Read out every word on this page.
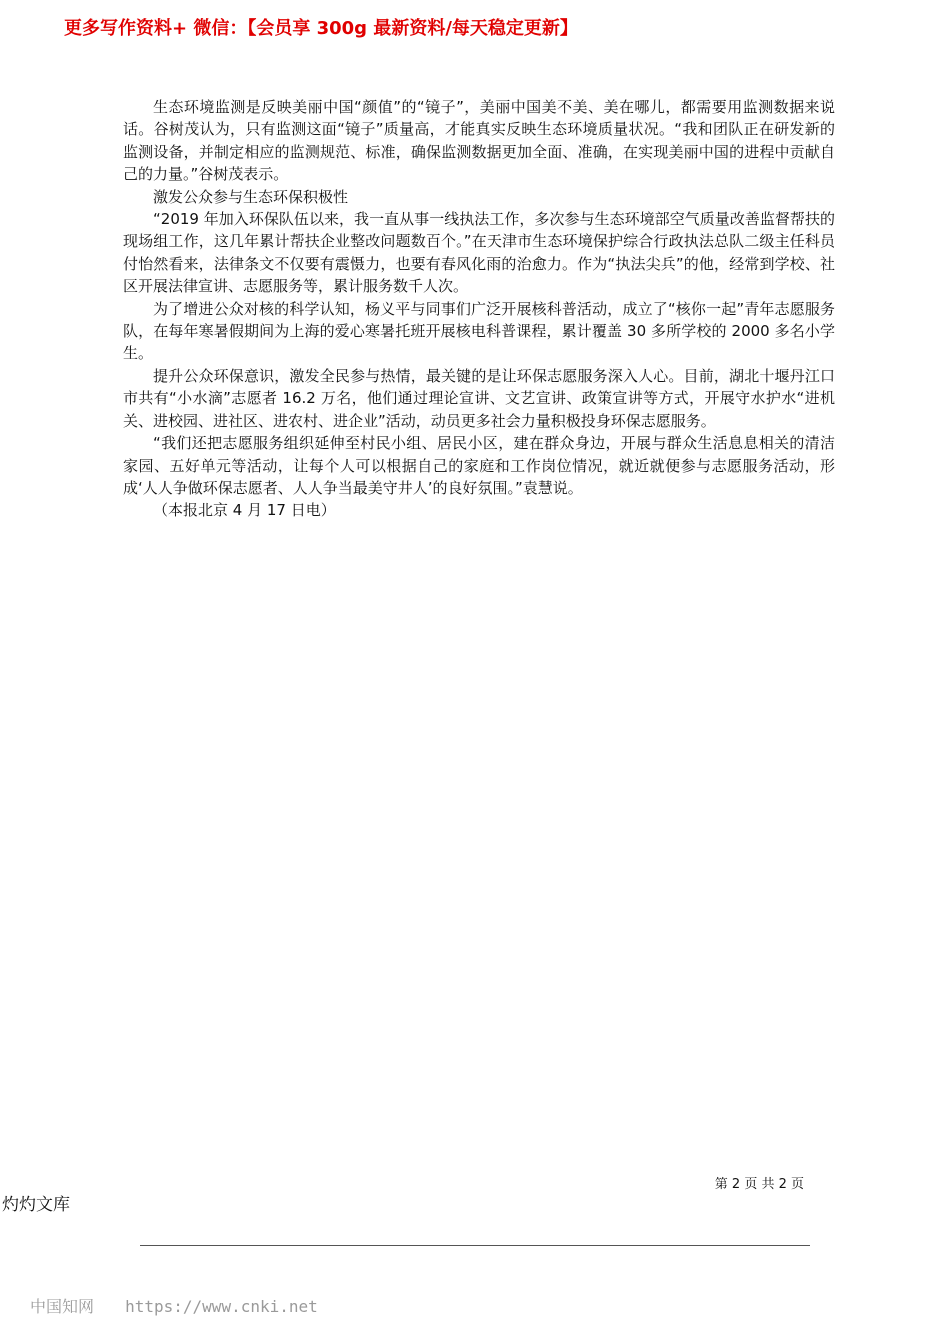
更多写作资料+ 微信：【会员享 300g 最新资料/每天稳定更新】

生态环境监测是反映美丽中国“颜值”的“镜子”，美丽中国美不美、美在哪儿，都需要用监测数据来说话。谷树茂认为，只有监测这面“镜子”质量高，才能真实反映生态环境质量状况。“我和团队正在研发新的监测设备，并制定相应的监测规范、标准，确保监测数据更加全面、准确，在实现美丽中国的进程中贡献自己的力量。”谷树茂表示。

激发公众参与生态环保积极性

“2019 年加入环保队伍以来，我一直从事一线执法工作，多次参与生态环境部空气质量改善监督帮扶的现场组工作，这几年累计帮扶企业整改问题数百个。”在天津市生态环境保护综合行政执法总队二级主任科员付怡然看来，法律条文不仅要有震慑力，也要有春风化雨的治愈力。作为“执法尖兵”的他，经常到学校、社区开展法律宣讲、志愿服务等，累计服务数千人次。

为了增进公众对核的科学认知，杨义平与同事们广泛开展核科普活动，成立了“核你一起”青年志愿服务队，在每年寒暑假期间为上海的爱心寒暑托班开展核电科普课程，累计覆盖 30 多所学校的 2000 多名小学生。

提升公众环保意识，激发全民参与热情，最关键的是让环保志愿服务深入人心。目前，湖北十堰丹江口市共有“小水滴”志愿者 16.2 万名，他们通过理论宣讲、文艺宣讲、政策宣讲等方式，开展守水护水“进机关、进校园、进社区、进农村、进企业”活动，动员更多社会力量积极投身环保志愿服务。

“我们还把志愿服务组织延伸至村民小组、居民小区，建在群众身边，开展与群众生活息息相关的清洁家园、五好单元等活动，让每个人可以根据自己的家庭和工作岗位情况，就近就便参与志愿服务活动，形成‘人人争做环保志愿者、人人争当最美守井人’的良好氛围。”袁慧说。

（本报北京 4 月 17 日电）

第 2 页 共 2 页
灼灼文库
中国知网 https://www.cnki.net
